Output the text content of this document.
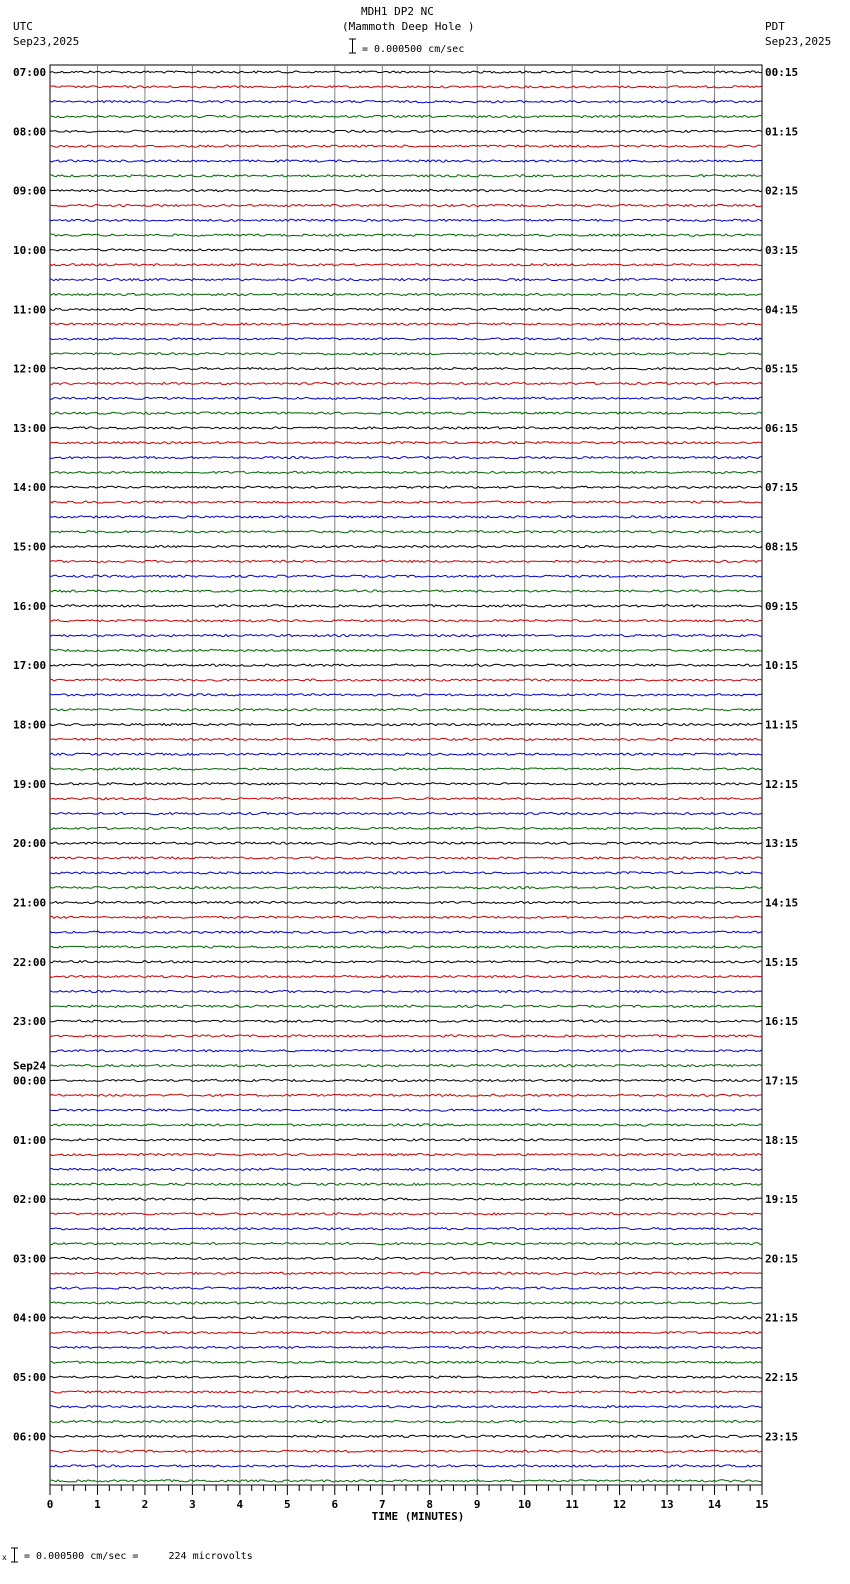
MDH1 DP2 NC
(Mammoth Deep Hole )
= 0.000500 cm/sec
UTC
Sep23,2025
PDT
Sep23,2025
07:00
08:00
09:00
10:00
11:00
12:00
13:00
14:00
15:00
16:00
17:00
18:00
19:00
20:00
21:00
22:00
23:00
00:00
01:00
02:00
03:00
04:00
05:00
06:00
00:15
01:15
02:15
03:15
04:15
05:15
06:15
07:15
08:15
09:15
10:15
11:15
12:15
13:15
14:15
15:15
16:15
17:15
18:15
19:15
20:15
21:15
22:15
23:15
Sep24
0	1	2	3	4	5	6	7	8	9	10	11	12	13	14	15
TIME (MINUTES)
x = 0.000500 cm/sec =     224 microvolts
